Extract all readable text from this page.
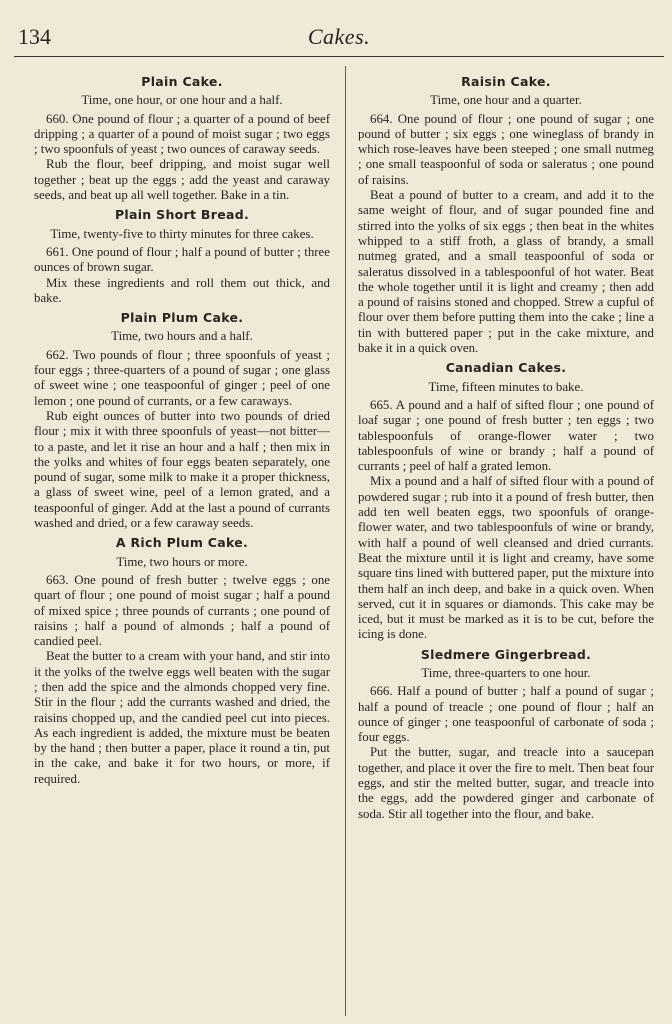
134	Cakes.
Plain Cake.

Time, one hour, or one hour and a half.

660. One pound of flour ; a quarter of a pound of beef dripping ; a quarter of a pound of moist sugar ; two eggs ; two spoonfuls of yeast ; two ounces of caraway seeds.

Rub the flour, beef dripping, and moist sugar well together ; beat up the eggs ; add the yeast and caraway seeds, and beat up all well together. Bake in a tin.

Plain Short Bread.

Time, twenty-five to thirty minutes for three cakes.

661. One pound of flour ; half a pound of butter ; three ounces of brown sugar.

Mix these ingredients and roll them out thick, and bake.

Plain Plum Cake.

Time, two hours and a half.

662. Two pounds of flour ; three spoonfuls of yeast ; four eggs ; three-quarters of a pound of sugar ; one glass of sweet wine ; one teaspoonful of ginger ; peel of one lemon ; one pound of currants, or a few caraways.

Rub eight ounces of butter into two pounds of dried flour ; mix it with three spoonfuls of yeast—not bitter—to a paste, and let it rise an hour and a half ; then mix in the yolks and whites of four eggs beaten separately, one pound of sugar, some milk to make it a proper thickness, a glass of sweet wine, peel of a lemon grated, and a teaspoonful of ginger. Add at the last a pound of currants washed and dried, or a few caraway seeds.

A Rich Plum Cake.

Time, two hours or more.

663. One pound of fresh butter ; twelve eggs ; one quart of flour ; one pound of moist sugar ; half a pound of mixed spice ; three pounds of currants ; one pound of raisins ; half a pound of almonds ; half a pound of candied peel.

Beat the butter to a cream with your hand, and stir into it the yolks of the twelve eggs well beaten with the sugar ; then add the spice and the almonds chopped very fine. Stir in the flour ; add the currants washed and dried, the raisins chopped up, and the candied peel cut into pieces. As each ingredient is added, the mixture must be beaten by the hand ; then butter a paper, place it round a tin, put in the cake, and bake it for two hours, or more, if required.

Raisin Cake.

Time, one hour and a quarter.

664. One pound of flour ; one pound of sugar ; one pound of butter ; six eggs ; one wineglass of brandy in which rose-leaves have been steeped ; one small nutmeg ; one small teaspoonful of soda or saleratus ; one pound of raisins.

Beat a pound of butter to a cream, and add it to the same weight of flour, and of sugar pounded fine and stirred into the yolks of six eggs ; then beat in the whites whipped to a stiff froth, a glass of brandy, a small nutmeg grated, and a small teaspoonful of soda or saleratus dissolved in a tablespoonful of hot water. Beat the whole together until it is light and creamy ; then add a pound of raisins stoned and chopped. Strew a cupful of flour over them before putting them into the cake ; line a tin with buttered paper ; put in the cake mixture, and bake it in a quick oven.

Canadian Cakes.

Time, fifteen minutes to bake.

665. A pound and a half of sifted flour ; one pound of loaf sugar ; one pound of fresh butter ; ten eggs ; two tablespoonfuls of orange-flower water ; two tablespoonfuls of wine or brandy ; half a pound of currants ; peel of half a grated lemon.

Mix a pound and a half of sifted flour with a pound of powdered sugar ; rub into it a pound of fresh butter, then add ten well beaten eggs, two spoonfuls of orange-flower water, and two tablespoonfuls of wine or brandy, with half a pound of well cleansed and dried currants. Beat the mixture until it is light and creamy, have some square tins lined with buttered paper, put the mixture into them half an inch deep, and bake in a quick oven. When served, cut it in squares or diamonds. This cake may be iced, but it must be marked as it is to be cut, before the icing is done.

Sledmere Gingerbread.

Time, three-quarters to one hour.

666. Half a pound of butter ; half a pound of sugar ; half a pound of treacle ; one pound of flour ; half an ounce of ginger ; one teaspoonful of carbonate of soda ; four eggs.

Put the butter, sugar, and treacle into a saucepan together, and place it over the fire to melt. Then beat four eggs, and stir the melted butter, sugar, and treacle into the eggs, add the powdered ginger and carbonate of soda. Stir all together into the flour, and bake.
